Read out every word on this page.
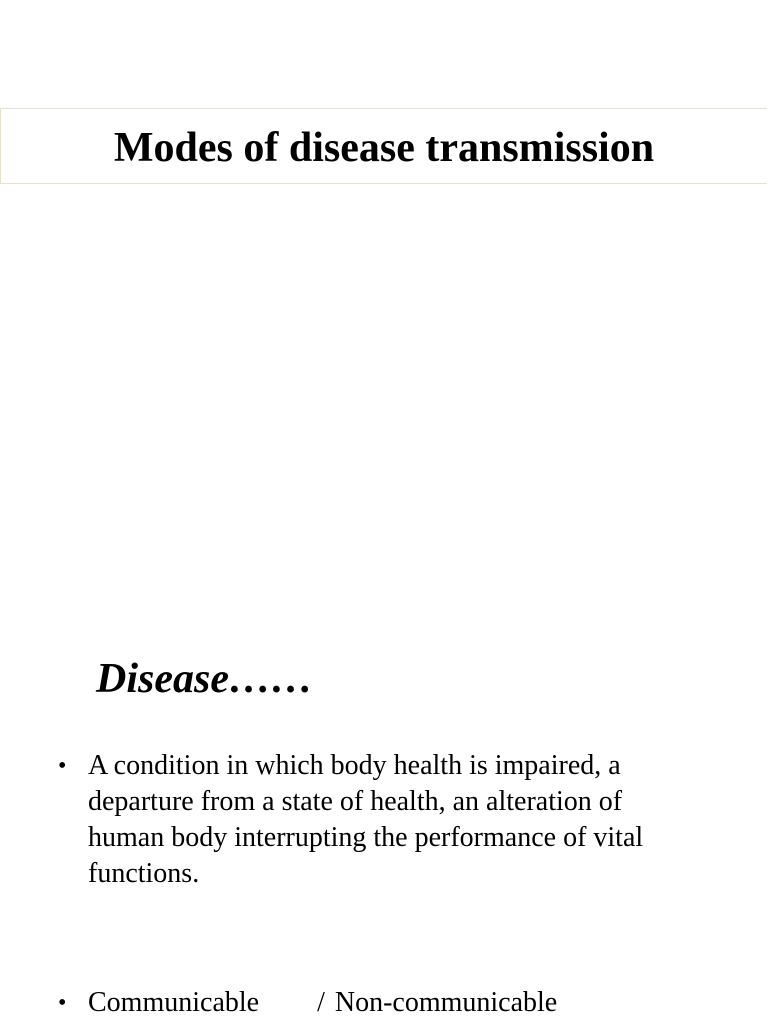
Modes of disease transmission
Disease……
• A condition in which body health is impaired, a departure from a state of health, an alteration of human body interrupting the performance of vital functions.
• Communicable / Non-communicable
